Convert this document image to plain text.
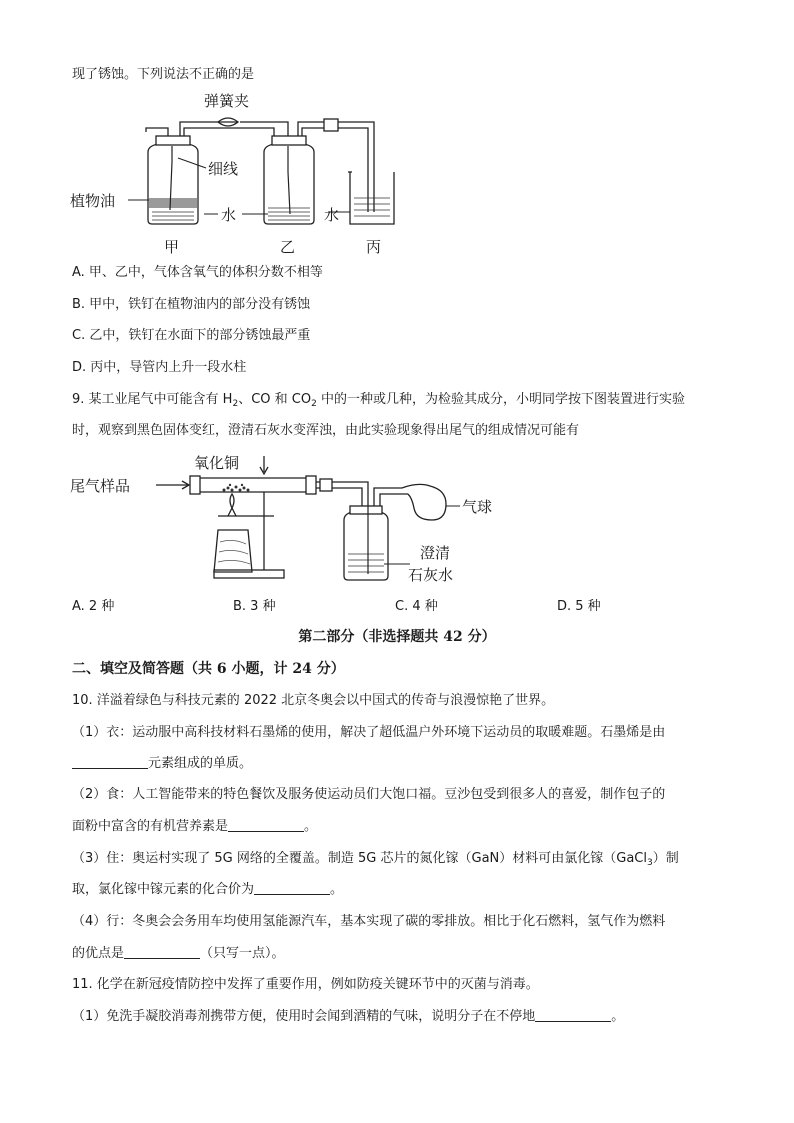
现了锈蚀。下列说法不正确的是
弹簧夹
细线
植物油
水	水
甲	乙	丙
A. 甲、乙中，气体含氧气的体积分数不相等
B. 甲中，铁钉在植物油内的部分没有锈蚀
C. 乙中，铁钉在水面下的部分锈蚀最严重
D. 丙中，导管内上升一段水柱
9. 某工业尾气中可能含有 $H_2$、CO 和 $CO_2$ 中的一种或几种，为检验其成分，小明同学按下图装置进行实验
时，观察到黑色固体变红，澄清石灰水变浑浊，由此实验现象得出尾气的组成情况可能有
氧化铜
尾气样品
气球
澄清
石灰水
A. 2 种	B. 3 种	C. 4 种	D. 5 种
第二部分（非选择题共 42 分）
二、填空及简答题（共 6 小题，计 24 分）
10. 洋溢着绿色与科技元素的 2022 北京冬奥会以中国式的传奇与浪漫惊艳了世界。
（1）衣：运动服中高科技材料石墨烯的使用，解决了超低温户外环境下运动员的取暖难题。石墨烯是由
元素组成的单质。
（2）食：人工智能带来的特色餐饮及服务使运动员们大饱口福。豆沙包受到很多人的喜爱，制作包子的
面粉中富含的有机营养素是	。
（3）住：奥运村实现了 5G 网络的全覆盖。制造 5G 芯片的氮化镓（GaN）材料可由氯化镓（GaCl$_3$）制
取，氯化镓中镓元素的化合价为	。
（4）行：冬奥会会务用车均使用氢能源汽车，基本实现了碳的零排放。相比于化石燃料，氢气作为燃料
的优点是	（只写一点）。
11. 化学在新冠疫情防控中发挥了重要作用，例如防疫关键环节中的灭菌与消毒。
（1）免洗手凝胶消毒剂携带方便，使用时会闻到酒精的气味，说明分子在不停地	。
